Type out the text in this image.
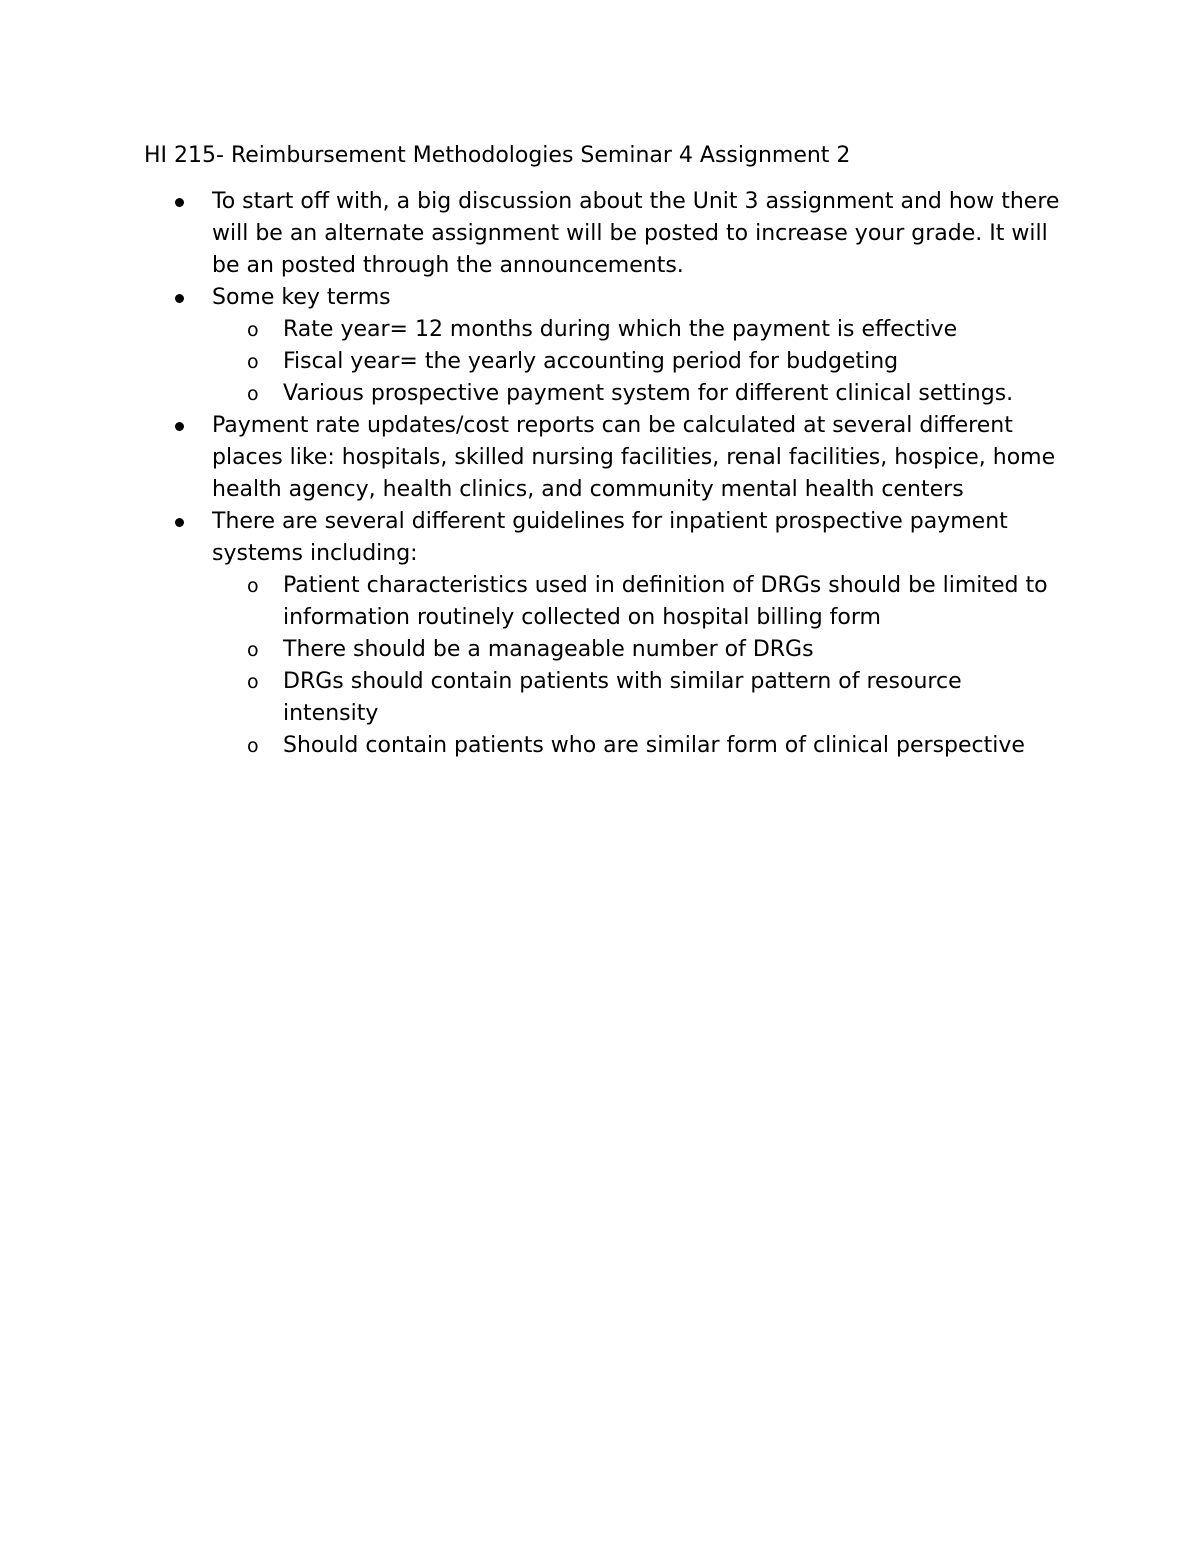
HI 215- Reimbursement Methodologies Seminar 4 Assignment 2
To start off with, a big discussion about the Unit 3 assignment and how there will be an alternate assignment will be posted to increase your grade. It will be an posted through the announcements.
Some key terms
o Rate year= 12 months during which the payment is effective
o Fiscal year= the yearly accounting period for budgeting
o Various prospective payment system for different clinical settings.
Payment rate updates/cost reports can be calculated at several different places like: hospitals, skilled nursing facilities, renal facilities, hospice, home health agency, health clinics, and community mental health centers
There are several different guidelines for inpatient prospective payment systems including:
o Patient characteristics used in definition of DRGs should be limited to information routinely collected on hospital billing form
o There should be a manageable number of DRGs
o DRGs should contain patients with similar pattern of resource intensity
o Should contain patients who are similar form of clinical perspective
